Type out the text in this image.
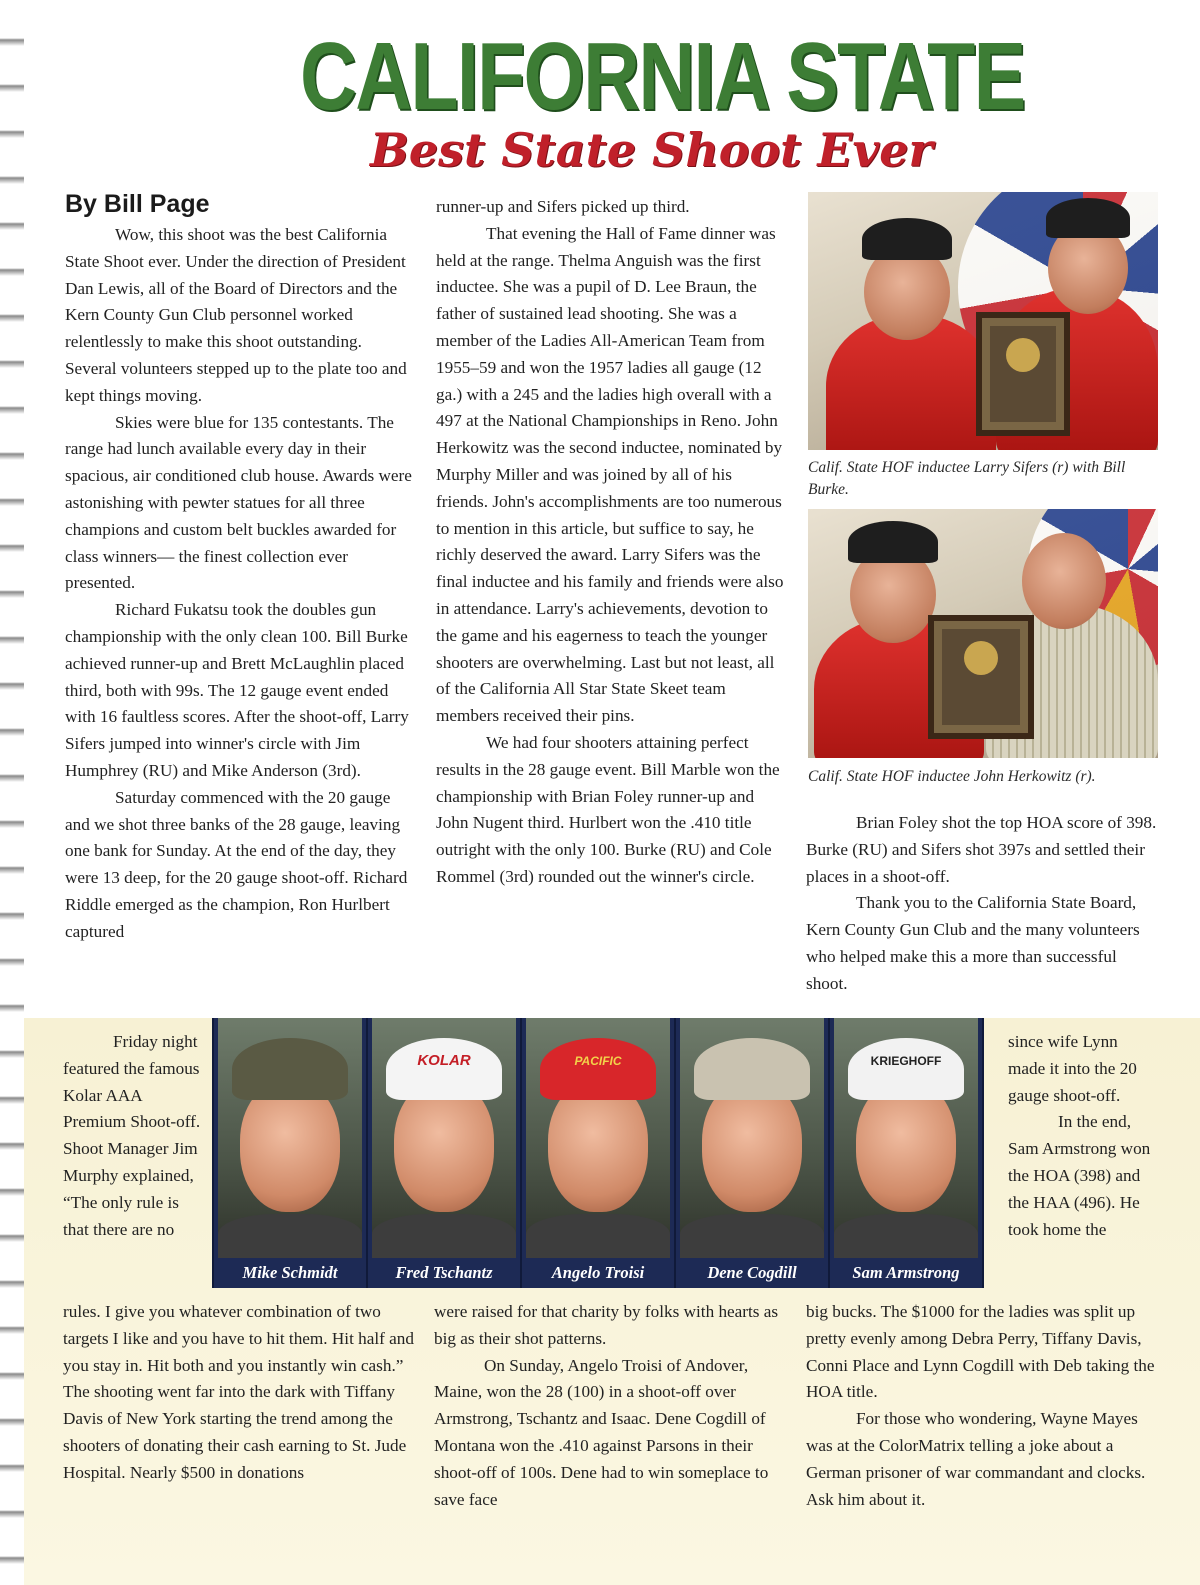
CALIFORNIA STATE
Best State Shoot Ever
By Bill Page

Wow, this shoot was the best California State Shoot ever. Under the direction of President Dan Lewis, all of the Board of Directors and the Kern County Gun Club personnel worked relentlessly to make this shoot outstanding. Several volunteers stepped up to the plate too and kept things moving.

Skies were blue for 135 contestants. The range had lunch available every day in their spacious, air conditioned club house. Awards were astonishing with pewter statues for all three champions and custom belt buckles awarded for class winners— the finest collection ever presented.

Richard Fukatsu took the doubles gun championship with the only clean 100. Bill Burke achieved runner-up and Brett McLaughlin placed third, both with 99s. The 12 gauge event ended with 16 faultless scores. After the shoot-off, Larry Sifers jumped into winner's circle with Jim Humphrey (RU) and Mike Anderson (3rd).

Saturday commenced with the 20 gauge and we shot three banks of the 28 gauge, leaving one bank for Sunday. At the end of the day, they were 13 deep, for the 20 gauge shoot-off. Richard Riddle emerged as the champion, Ron Hurlbert captured

runner-up and Sifers picked up third.

That evening the Hall of Fame dinner was held at the range. Thelma Anguish was the first inductee. She was a pupil of D. Lee Braun, the father of sustained lead shooting. She was a member of the Ladies All-American Team from 1955–59 and won the 1957 ladies all gauge (12 ga.) with a 245 and the ladies high overall with a 497 at the National Championships in Reno. John Herkowitz was the second inductee, nominated by Murphy Miller and was joined by all of his friends. John's accomplishments are too numerous to mention in this article, but suffice to say, he richly deserved the award. Larry Sifers was the final inductee and his family and friends were also in attendance. Larry's achievements, devotion to the game and his eagerness to teach the younger shooters are overwhelming. Last but not least, all of the California All Star State Skeet team members received their pins.

We had four shooters attaining perfect results in the 28 gauge event. Bill Marble won the championship with Brian Foley runner-up and John Nugent third. Hurlbert won the .410 title outright with the only 100. Burke (RU) and Cole Rommel (3rd) rounded out the winner's circle.

Calif. State HOF inductee Larry Sifers (r) with Bill Burke.
Calif. State HOF inductee John Herkowitz (r).

Brian Foley shot the top HOA score of 398. Burke (RU) and Sifers shot 397s and settled their places in a shoot-off.

Thank you to the California State Board, Kern County Gun Club and the many volunteers who helped make this a more than successful shoot.

Friday night featured the famous Kolar AAA Premium Shoot-off. Shoot Manager Jim Murphy explained, “The only rule is that there are no

Mike Schmidt
KOLAR
Fred Tschantz
PACIFIC
Angelo Troisi	Dene Cogdill
KRIEGHOFF
Sam Armstrong

since wife Lynn made it into the 20 gauge shoot-off.

In the end, Sam Armstrong won the HOA (398) and the HAA (496). He took home the

rules. I give you whatever combination of two targets I like and you have to hit them. Hit half and you stay in. Hit both and you instantly win cash.” The shooting went far into the dark with Tiffany Davis of New York starting the trend among the shooters of donating their cash earning to St. Jude Hospital. Nearly $500 in donations

were raised for that charity by folks with hearts as big as their shot patterns.

On Sunday, Angelo Troisi of Andover, Maine, won the 28 (100) in a shoot-off over Armstrong, Tschantz and Isaac. Dene Cogdill of Montana won the .410 against Parsons in their shoot-off of 100s. Dene had to win someplace to save face

big bucks. The $1000 for the ladies was split up pretty evenly among Debra Perry, Tiffany Davis, Conni Place and Lynn Cogdill with Deb taking the HOA title.

For those who wondering, Wayne Mayes was at the ColorMatrix telling a joke about a German prisoner of war commandant and clocks. Ask him about it.
